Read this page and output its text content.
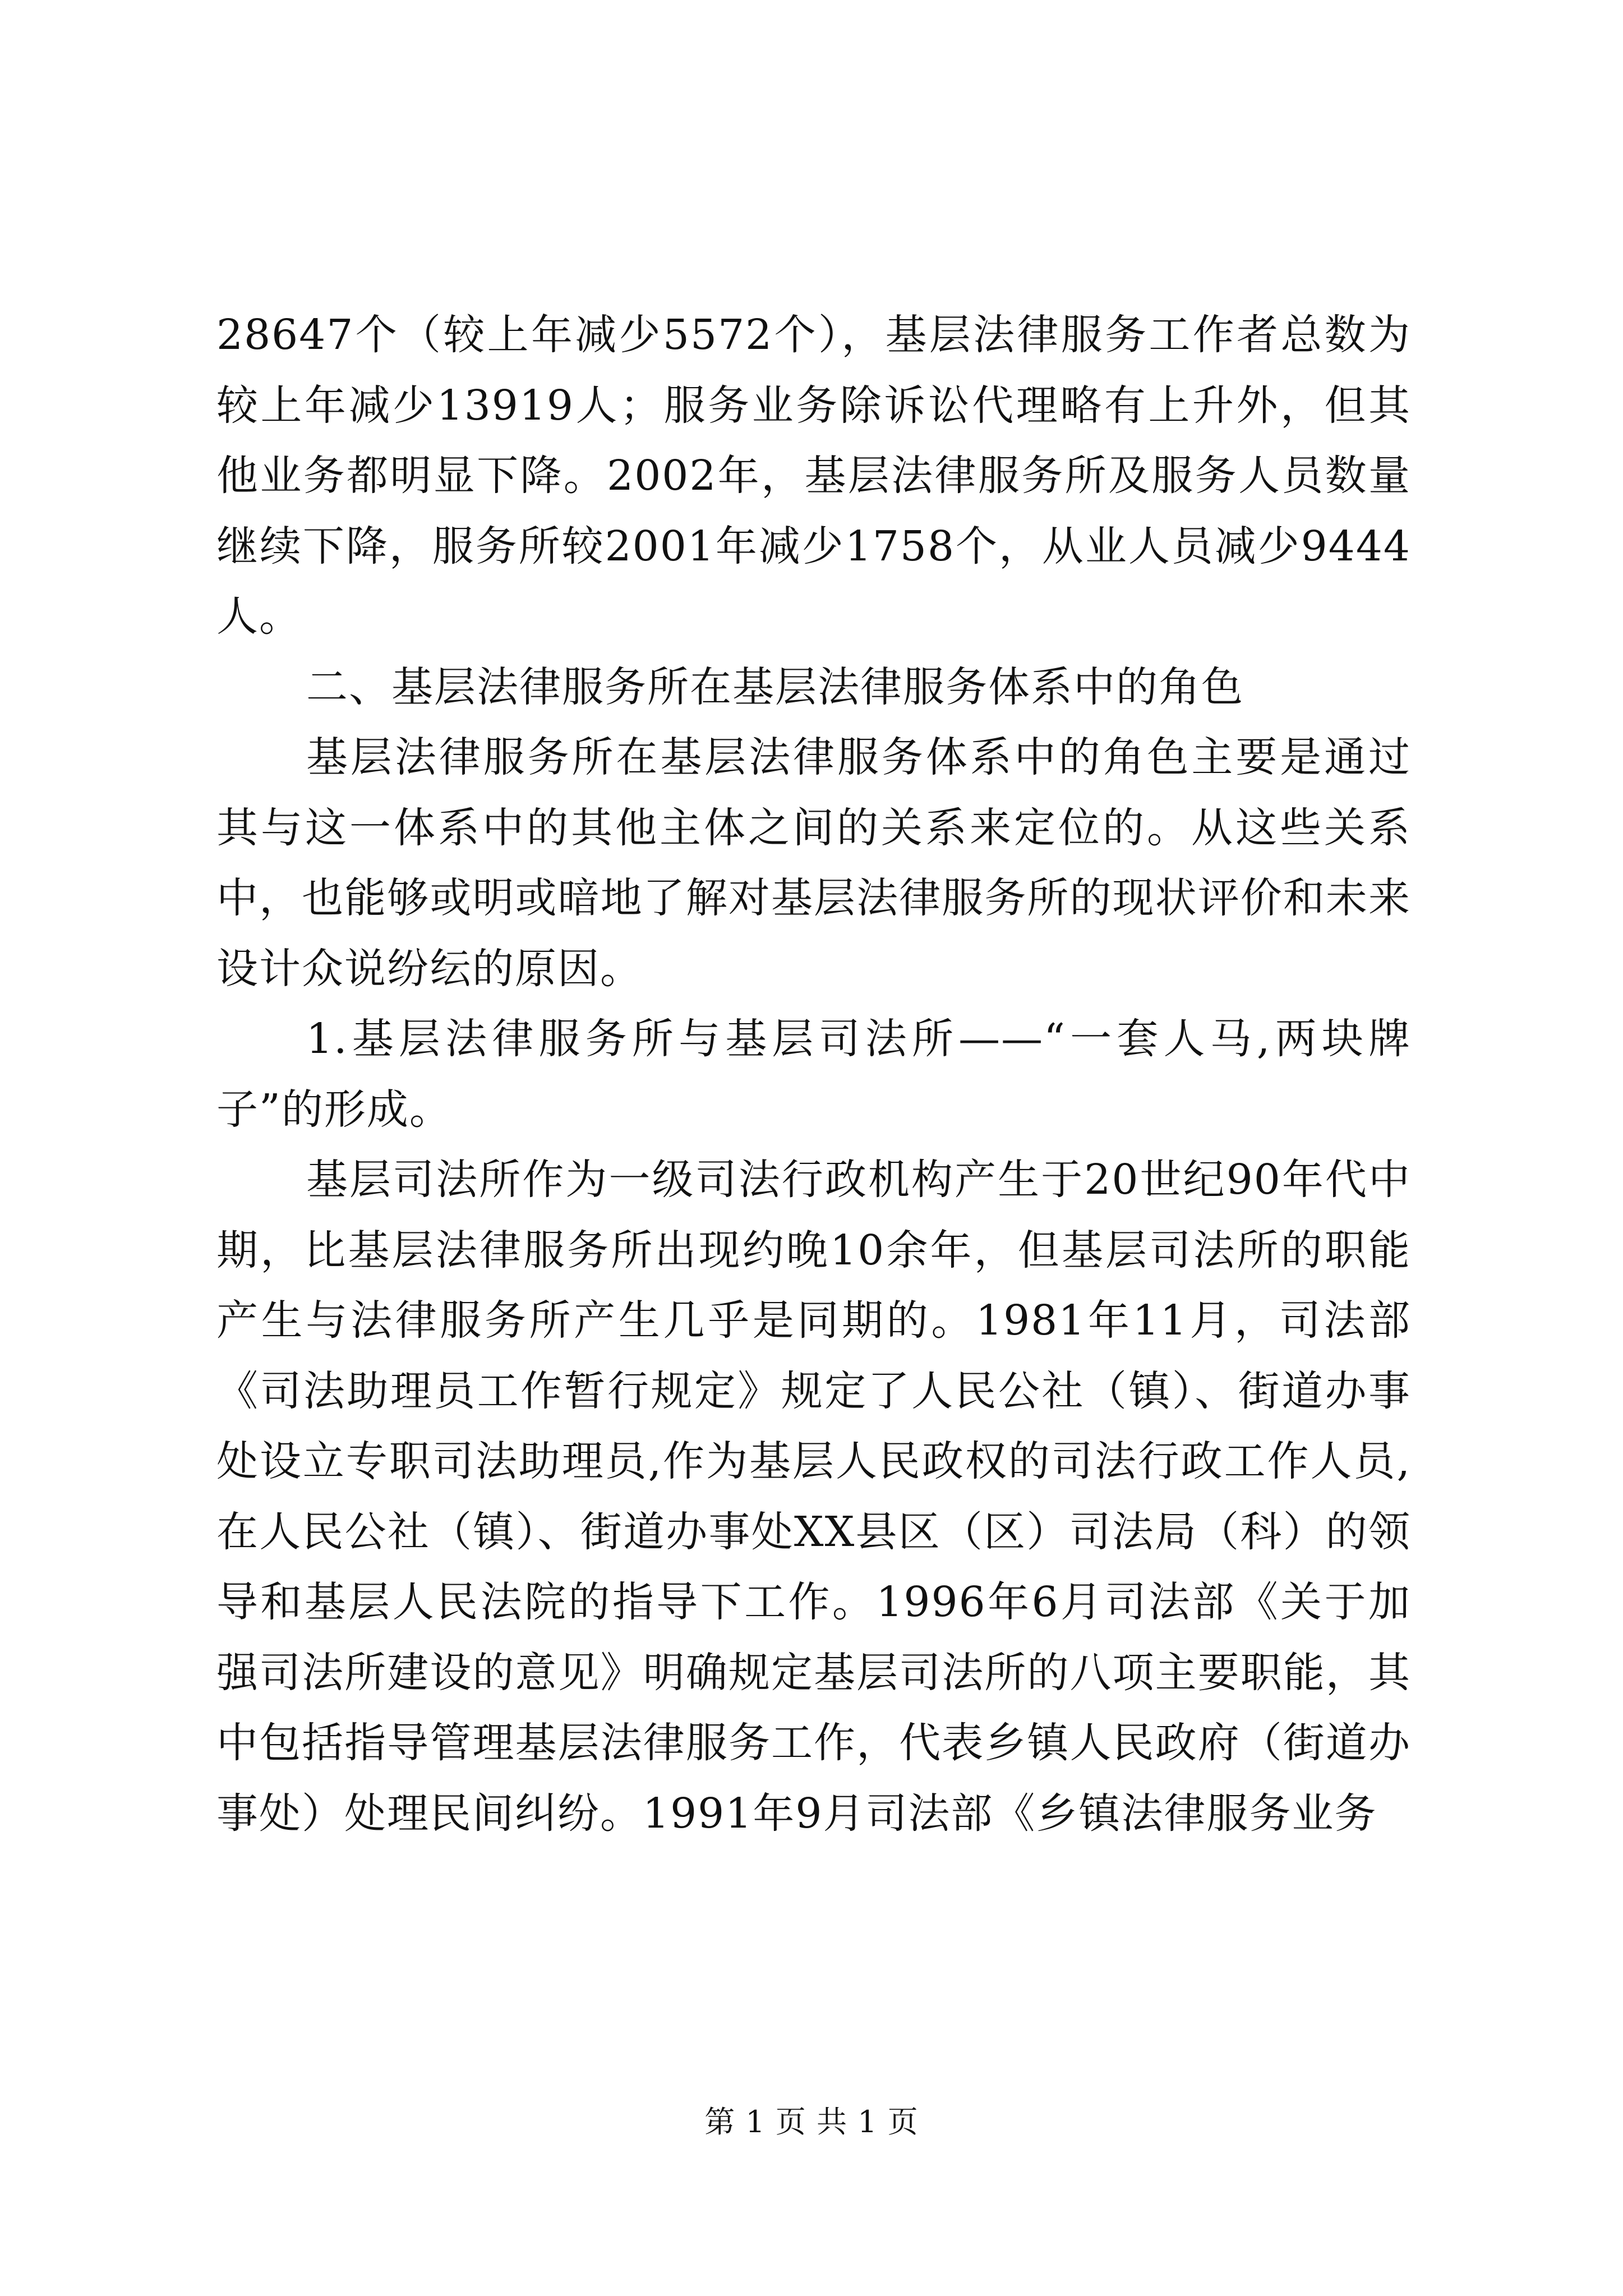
28647个（较上年减少5572个），基层法律服务工作者总数为较上年减少13919人；服务业务除诉讼代理略有上升外，但其他业务都明显下降。2002年，基层法律服务所及服务人员数量继续下降，服务所较2001年减少1758个，从业人员减少9444人。

二、基层法律服务所在基层法律服务体系中的角色

基层法律服务所在基层法律服务体系中的角色主要是通过其与这一体系中的其他主体之间的关系来定位的。从这些关系中，也能够或明或暗地了解对基层法律服务所的现状评价和未来设计众说纷纭的原因。

1.基层法律服务所与基层司法所——“一套人马,两块牌子”的形成。

基层司法所作为一级司法行政机构产生于20世纪90年代中期，比基层法律服务所出现约晚10余年，但基层司法所的职能产生与法律服务所产生几乎是同期的。1981年11月，司法部《司法助理员工作暂行规定》规定了人民公社（镇）、街道办事处设立专职司法助理员,作为基层人民政权的司法行政工作人员,在人民公社（镇）、街道办事处XX县区（区）司法局（科）的领导和基层人民法院的指导下工作。1996年6月司法部《关于加强司法所建设的意见》明确规定基层司法所的八项主要职能，其中包括指导管理基层法律服务工作，代表乡镇人民政府（街道办事处）处理民间纠纷。1991年9月司法部《乡镇法律服务业务

第 1 页 共 1 页
